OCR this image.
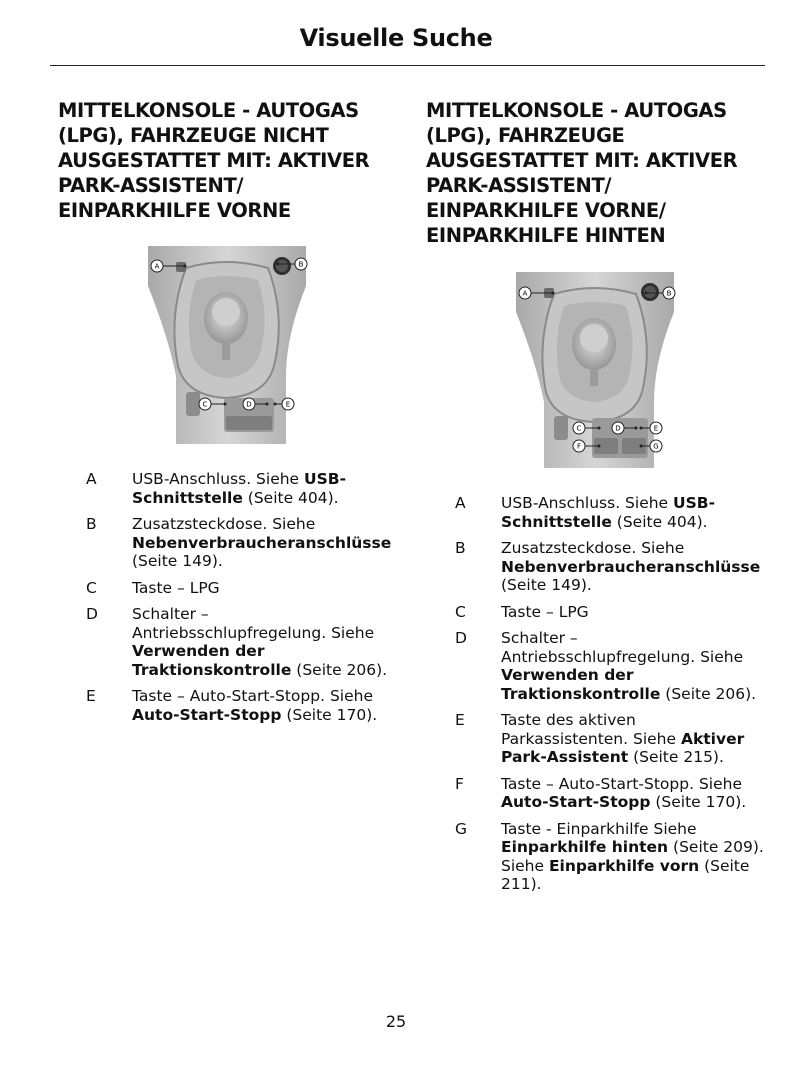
Visuelle Suche
MITTELKONSOLE - AUTOGAS
(LPG), FAHRZEUGE NICHT
AUSGESTATTET MIT: AKTIVER
PARK-ASSISTENT/
EINPARKHILFE VORNE
A	B
C	D	E
A	USB-Anschluss. Siehe USB-Schnittstelle (Seite 404).
B	Zusatzsteckdose. Siehe Nebenverbraucheranschlüsse (Seite 149).
C	Taste – LPG
D	Schalter – Antriebsschlupfregelung. Siehe Verwenden der Traktionskontrolle (Seite 206).
E	Taste – Auto-Start-Stopp. Siehe Auto-Start-Stopp (Seite 170).
MITTELKONSOLE - AUTOGAS
(LPG), FAHRZEUGE
AUSGESTATTET MIT: AKTIVER
PARK-ASSISTENT/
EINPARKHILFE VORNE/
EINPARKHILFE HINTEN
A	B
C	D	E
F	G
A	USB-Anschluss. Siehe USB-Schnittstelle (Seite 404).
B	Zusatzsteckdose. Siehe Nebenverbraucheranschlüsse (Seite 149).
C	Taste – LPG
D	Schalter – Antriebsschlupfregelung. Siehe Verwenden der Traktionskontrolle (Seite 206).
E	Taste des aktiven Parkassistenten. Siehe Aktiver Park-Assistent (Seite 215).
F	Taste – Auto-Start-Stopp. Siehe Auto-Start-Stopp (Seite 170).
G	Taste - Einparkhilfe Siehe Einparkhilfe hinten (Seite 209). Siehe Einparkhilfe vorn (Seite 211).
25
